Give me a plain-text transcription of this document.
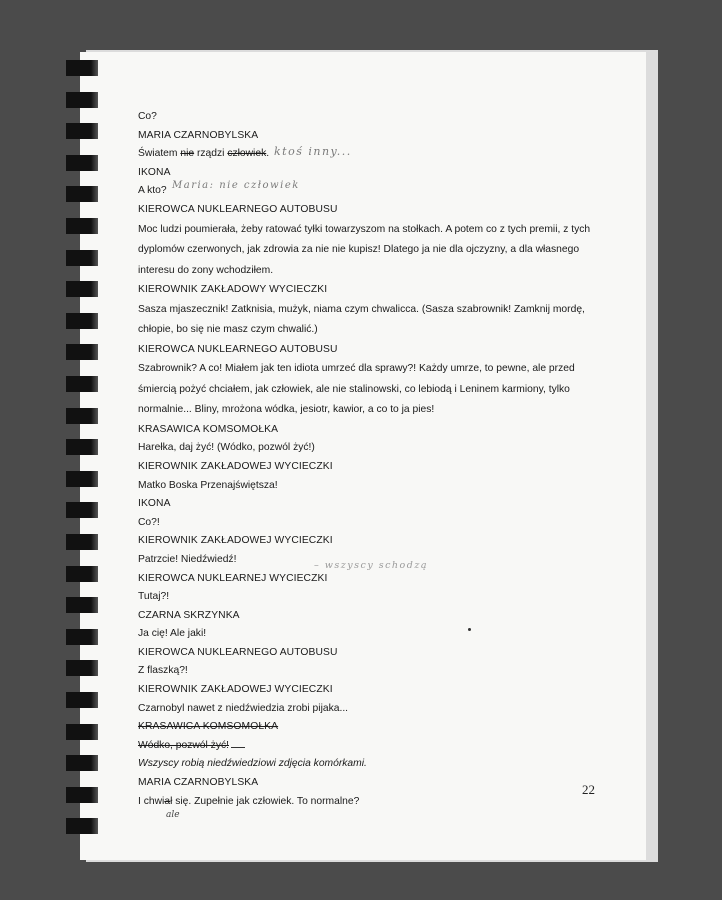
Co?
MARIA CZARNOBYLSKA
Światem nie rządzi człowiek. ktoś inny...
IKONA
A kto? Maria: nie człowiek
KIEROWCA NUKLEARNEGO AUTOBUSU
Moc ludzi poumierała, żeby ratować tyłki towarzyszom na stołkach. A potem co z tych premii, z tych
dyplomów czerwonych, jak zdrowia za nie nie kupisz! Dlatego ja nie dla ojczyzny, a dla własnego
interesu do zony wchodziłem.
KIEROWNIK ZAKŁADOWY WYCIECZKI
Sasza mjaszecznik! Zatknisia, mużyk, niama czym chwalicca. (Sasza szabrownik! Zamknij mordę,
chłopie, bo się nie masz czym chwalić.)
KIEROWCA NUKLEARNEGO AUTOBUSU
Szabrownik? A co! Miałem jak ten idiota umrzeć dla sprawy?! Każdy umrze, to pewne, ale przed
śmiercią pożyć chciałem, jak człowiek, ale nie stalinowski, co lebiodą i Leninem karmiony, tylko
normalnie... Bliny, mrożona wódka, jesiotr, kawior, a co to ja pies!
KRASAWICA KOMSOMOŁKA
Harełka, daj żyć! (Wódko, pozwól żyć!)
KIEROWNIK ZAKŁADOWEJ WYCIECZKI
Matko Boska Przenajświętsza!
IKONA
Co?!
KIEROWNIK ZAKŁADOWEJ WYCIECZKI
Patrzcie! Niedźwiedź!
– wszyscy schodzą
KIEROWCA NUKLEARNEJ WYCIECZKI
Tutaj?!
CZARNA SKRZYNKA
Ja cię! Ale jaki!
KIEROWCA NUKLEARNEGO AUTOBUSU
Z flaszką?!
KIEROWNIK ZAKŁADOWEJ WYCIECZKI
Czarnobyl nawet z niedźwiedzia zrobi pijaka...
KRASAWICA KOMSOMOŁKA
Wódko, pozwól żyć!
Wszyscy robią niedźwiedziowi zdjęcia komórkami.
MARIA CZARNOBYLSKA
I chwiał się. Zupełnie jak człowiek. To normalne?
ale
22
